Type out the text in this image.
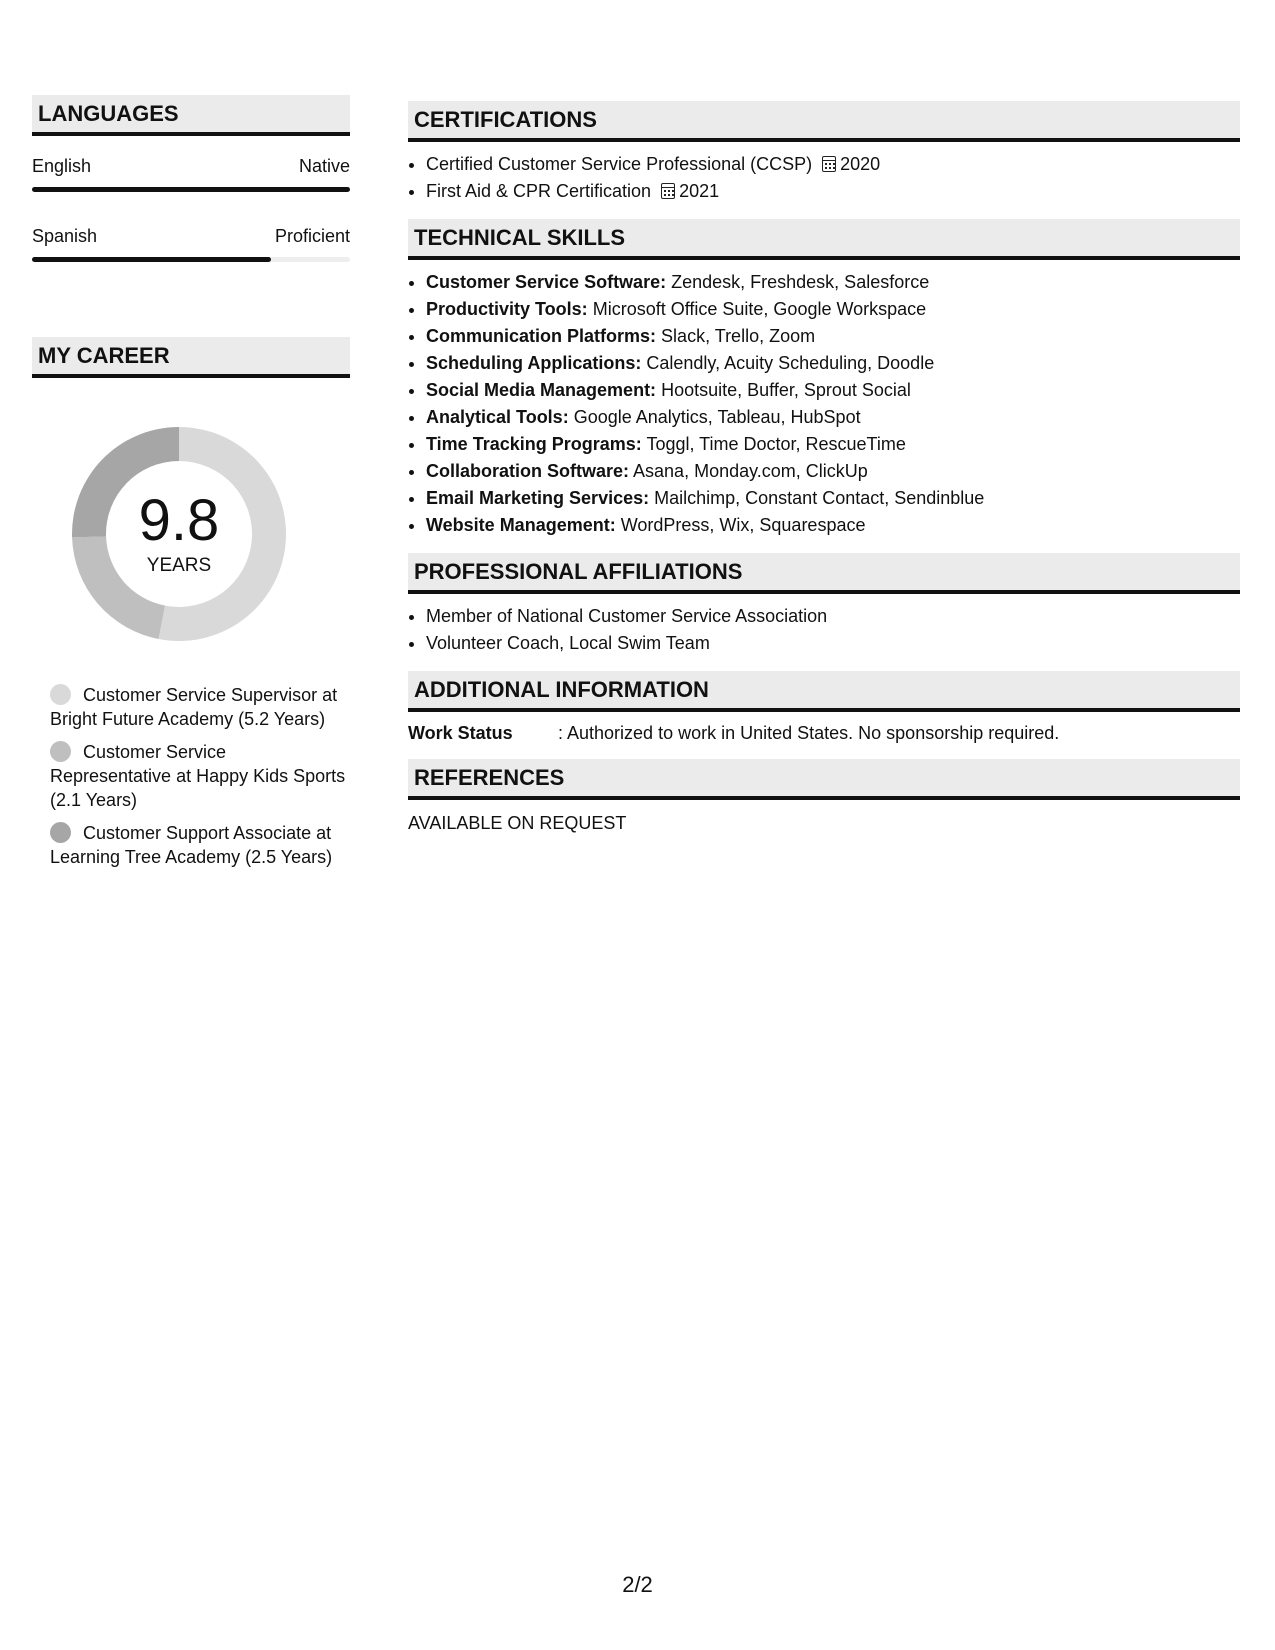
LANGUAGES
English	Native
Spanish	Proficient
MY CAREER
9.8
YEARS
Customer Service Supervisor at Bright Future Academy (5.2 Years)
Customer Service Representative at Happy Kids Sports (2.1 Years)
Customer Support Associate at Learning Tree Academy (2.5 Years)
CERTIFICATIONS
• Certified Customer Service Professional (CCSP) 2020
• First Aid & CPR Certification 2021
TECHNICAL SKILLS
• Customer Service Software: Zendesk, Freshdesk, Salesforce
• Productivity Tools: Microsoft Office Suite, Google Workspace
• Communication Platforms: Slack, Trello, Zoom
• Scheduling Applications: Calendly, Acuity Scheduling, Doodle
• Social Media Management: Hootsuite, Buffer, Sprout Social
• Analytical Tools: Google Analytics, Tableau, HubSpot
• Time Tracking Programs: Toggl, Time Doctor, RescueTime
• Collaboration Software: Asana, Monday.com, ClickUp
• Email Marketing Services: Mailchimp, Constant Contact, Sendinblue
• Website Management: WordPress, Wix, Squarespace
PROFESSIONAL AFFILIATIONS
• Member of National Customer Service Association
• Volunteer Coach, Local Swim Team
ADDITIONAL INFORMATION
Work Status	: Authorized to work in United States. No sponsorship required.
REFERENCES
AVAILABLE ON REQUEST
2/2
